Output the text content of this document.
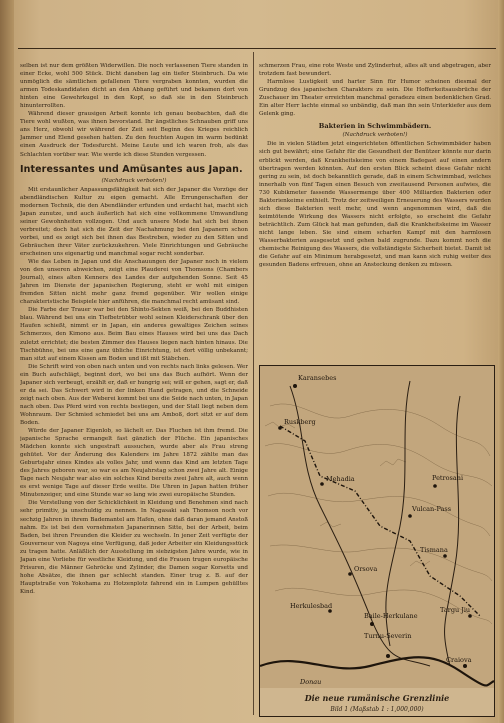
selben ist nur dem größten Widerwillen. Die noch verlassenen Tiere standen in einer Ecke, wohl 500 Stück. Dicht daneben lag ein tiefer Steinbruch. Da wie unmöglich die sämtlichen gefallenen Tiere vergraben konnten, wurden die armen Todeskandidaten dicht an den Abhang geführt und bekamen dort von hinten eine Gewehrkugel in den Kopf, so daß sie in den Steinbruch hinunterrollten.

Während dieser grausigen Arbeit konnte ich genau beobachten, daß die Tiere wohl wußten, was ihnen bevorstand. Ihr ängstliches Schnauben griff uns ans Herz, obwohl wir während der Zeit seit Beginn des Krieges reichlich Jammer und Elend gesehen hatten. Zu den feuchten Augen im warm bedünkt einen Ausdruck der Todesfurcht. Meine Leute und ich waren froh, als das Schlachten vorüber war. Wie werde ich diese Stunden vergessen.

Interessantes und Amüsantes aus Japan.
(Nachdruck verboten!)

Mit erstaunlicher Anpassungsfähigkeit hat sich der Japaner die Vorzüge der abendländischen Kultur zu eigen gemacht. Alle Errungenschaften der modernen Technik, die den Abendländer erfunden und erdacht hat, macht sich Japan zunutze, und auch äußerlich hat sich eine vollkommene Umwandlung seiner Gewohnheiten vollzogen. Und auch unsere Mode hat sich bei ihnen verbreitet; doch hat sich die Zeit der Nachahmung bei den Japanern schon vorbei, und es zeigt sich bei ihnen das Bestreben, wieder zu den Sitten und Gebräuchen ihrer Väter zurückzukehren. Viele Einrichtungen und Gebräuche erscheinen uns eigenartig und manchmal sogar recht sonderbar.

Wie das Leben in Japan und die Anschauungen der Japaner noch in vielem von den unseren abweichen, zeigt eine Plauderei von Thomsons (Chambers Journal), eines alten Kenners des Landes der aufgehenden Sonne. Seit 45 Jahren im Dienste der japanischen Regierung, steht er wohl mit einigen fremden Sitten nicht mehr ganz fremd gegenüber. Wir wollen einige charakteristische Beispiele hier anführen, die manchmal recht amüsant sind.

Die Farbe der Trauer war bei den Shinto-Sekten weiß, bei den Buddhisten blau. Während bei uns ein Tiefbetrübter wohl seinen Kleiderschrank über den Haufen schießt, nimmt er in Japan, ein anderes gewaltiges Zeichen seines Schmerzes, den Kimono aus. Beim Bau eines Hauses wird bei uns das Dach zuletzt errichtet; die besten Zimmer des Hauses liegen nach hinten hinaus. Die Tischbühne, bei uns eine ganz übliche Einrichtung, ist dort völlig unbekannt; man sitzt auf einem Kissen am Boden und ißt mit Stäbchen.

Die Schrift wird von oben nach unten und von rechts nach links gelesen. Wer ein Buch aufschlägt, beginnt dort, wo bei uns das Buch aufhört. Wenn der Japaner sich verbeugt, erzählt er, daß er hungrig sei; will er gehen, sagt er, daß er da sei. Das Schwert wird in der linken Hand getragen, und die Schneide zeigt nach oben. Aus der Weberei kommt bei uns die Seide nach unten, in Japan nach oben. Das Pferd wird von rechts bestiegen, und der Stall liegt neben dem Wohnraum. Der Schmied schmiedet bei uns am Amboß, dort sitzt er auf dem Boden.

Würde der Japaner Eigenlob, so lächelt er. Das Fluchen ist ihm fremd. Die japanische Sprache ermangelt fast gänzlich der Flüche. Ein japanisches Mädchen konnte sich ungestraft aussuchen, wurde aber als Frau streng gehütet. Vor der Änderung des Kalenders im Jahre 1872 zählte man das Geburtsjahr eines Kindes als volles Jahr, und wenn das Kind am letzten Tage des Jahres geboren war, so war es am Neujahrstag schon zwei Jahre alt. Einige Tage nach Neujahr war also ein solches Kind bereits zwei Jahre alt, auch wenn es erst wenige Tage auf dieser Erde weilte. Die Uhren in Japan hatten früher Minutenzeiger, und eine Stunde war so lang wie zwei europäische Stunden.

Die Verstellung von der Schicklichkeit in Kleidung und Benehmen sind nach sehr primitiv, ja unschuldig zu nennen. In Nagasaki sah Thomson noch vor sechzig Jahren in ihrem Bademantel am Hafen, ohne daß daran jemand Anstoß nahm. Es ist bei den vornehmsten Japanerinnen Sitte, bei der Arbeit, beim Baden, bei ihren Freunden die Kleider zu wechseln. In jener Zeit verfügte der Gouverneur von Nagoya eine Verfügung, daß jeder Arbeiter ein Kleidungsstück zu tragen hatte. Anläßlich der Ausstellung im siebzigsten Jahre wurde, wie in Japan eine Vorliebe für westliche Kleidung, und die Frauen trugen europäische Frisuren, die Männer Gehröcke und Zylinder, die Damen sogar Korsetts und hohe Absätze, die ihnen gar schlecht standen. Einer trug z. B. auf der Hauptstraße von Yokohama zu Hotzenplotz fahrend ein in Lumpen gehülltes Kind.

schmerzen Frau, eine rote Weste und Zylinderhut, alles alt und abgetragen, aber trotzdem fast bewundert.

Harmlose Lustigkeit und harter Sinn für Humor scheinen diesmal der Grundzug des japanischen Charakters zu sein. Die Hofferkeitsausbrüche der Zuschauer im Theater erreichten manchmal geradezu einen bedenklichen Grad. Ein alter Herr lachte einmal so unbändig, daß man ihn sein Unterkiefer aus dem Gelenk ging.

Bakterien in Schwimmbädern.
(Nachdruck verboten!)

Die in vielen Städten jetzt eingerichteten öffentlichen Schwimmbäder haben sich gut bewährt; eine Gefahr für die Gesundheit der Benützer könnte nur darin erblickt werden, daß Krankheitskeime von einem Badegast auf einen andern übertragen werden könnten. Auf den ersten Blick scheint diese Gefahr nicht gering zu sein, ist doch bekanntlich gerade, daß in einem Schwimmbad, welches innerhalb von fünf Tagen einen Besuch von zweitausend Personen aufwies, die 730 Kubikmeter fassende Wassermenge über 400 Milliarden Bakterien oder Bakterienkeime enthielt. Trotz der zeitweiligen Erneuerung des Wassers wurden sich diese Bakterien weit mehr, und wenn angenommen wird, daß die keimtötende Wirkung des Wassers nicht erfolgte, so erscheint die Gefahr beträchtlich. Zum Glück hat man gefunden, daß die Krankheitskeime im Wasser nicht lange leben. Sie sind einem scharfen Kampf mit den harmlosen Wasserbakterien ausgesetzt und gehen bald zugrunde. Dazu kommt noch die chemische Reinigung des Wassers, die vollständigste Sicherheit bietet. Damit ist die Gefahr auf ein Minimum herabgesetzt, und man kann sich ruhig weiter des gesunden Badens erfreuen, ohne an Ansteckung denken zu müssen.

Karansebes
Ruskberg
Mehadia
Orsova
Herkulesbad
Turnu-Severin
Baile-Herkulane
Vulcan-Pass
Petrosani
Tismana
Targu Jiu
Craiova
Donau
Die neue rumänische Grenzlinie
Bild 1 (Maßstab 1 : 1,000,000)
